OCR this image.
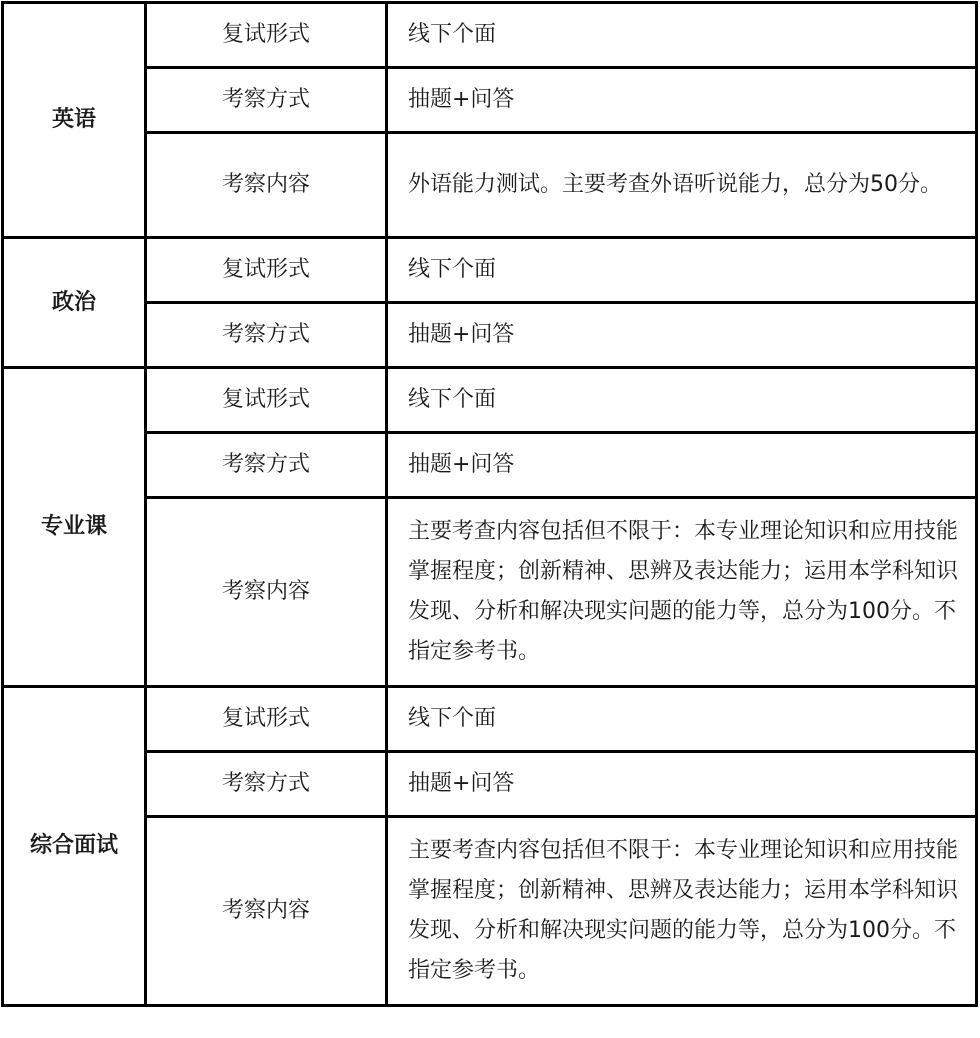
英语	复试形式	线下个面
	考察方式	抽题+问答
	考察内容	外语能力测试。主要考查外语听说能力，总分为50分。
政治	复试形式	线下个面
	考察方式	抽题+问答
专业课	复试形式	线下个面
	考察方式	抽题+问答
	考察内容	主要考查内容包括但不限于：本专业理论知识和应用技能掌握程度；创新精神、思辨及表达能力；运用本学科知识发现、分析和解决现实问题的能力等，总分为100分。不指定参考书。
综合面试	复试形式	线下个面
	考察方式	抽题+问答
	考察内容	主要考查内容包括但不限于：本专业理论知识和应用技能掌握程度；创新精神、思辨及表达能力；运用本学科知识发现、分析和解决现实问题的能力等，总分为100分。不指定参考书。
